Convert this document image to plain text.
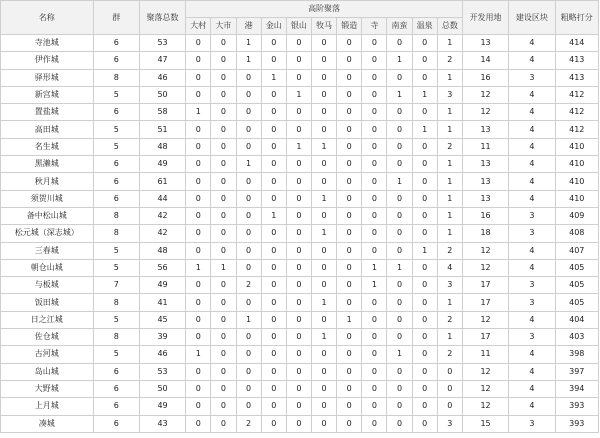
名称	群	聚落总数	高阶聚落											开发用地	建设区块	粗略打分
			大村	大市	港	金山	银山	牧马	锻造	寺	南蛮	温泉	总数			
寺池城	6	53	0	0	1	0	0	0	0	0	0	0	1	13	4	414
伊作城	6	47	0	0	1	0	0	0	0	0	1	0	2	14	4	413
驿形城	8	46	0	0	0	1	0	0	0	0	0	0	1	16	3	413
新宫城	5	50	0	0	0	0	1	0	0	0	1	1	3	12	4	412
置盐城	6	58	1	0	0	0	0	0	0	0	0	0	1	12	4	412
高田城	5	51	0	0	0	0	0	0	0	0	0	1	1	13	4	412
名生城	5	48	0	0	0	0	1	1	0	0	0	0	2	11	4	410
黑濑城	6	49	0	0	1	0	0	0	0	0	0	0	1	13	4	410
秋月城	6	61	0	0	0	0	0	0	0	0	1	0	1	13	4	410
须贺川城	6	44	0	0	0	0	0	1	0	0	0	0	1	13	4	410
备中松山城	8	42	0	0	0	1	0	0	0	0	0	0	1	16	3	409
松元城（深志城）	8	42	0	0	0	0	0	1	0	0	0	0	1	18	3	408
三春城	5	48	0	0	0	0	0	0	0	0	0	1	2	12	4	407
朝仓山城	5	56	1	1	0	0	0	0	0	1	1	0	4	12	4	405
与板城	7	49	0	0	2	0	0	0	0	1	0	0	3	17	3	405
饭田城	8	41	0	0	0	0	0	1	0	0	0	0	1	17	3	405
日之江城	5	45	0	0	1	0	0	0	1	0	0	0	2	12	4	404
佐仓城	8	39	0	0	0	0	0	1	0	0	0	0	1	17	3	403
古河城	5	46	1	0	0	0	0	0	0	0	1	0	2	11	4	398
岛山城	6	53	0	0	0	0	0	0	0	0	0	0	0	12	4	397
大野城	6	50	0	0	0	0	0	0	0	0	0	0	0	12	4	394
上月城	6	49	0	0	0	0	0	0	0	0	0	0	0	12	4	393
凑城	6	43	0	0	2	0	0	0	0	0	0	0	3	15	3	393
